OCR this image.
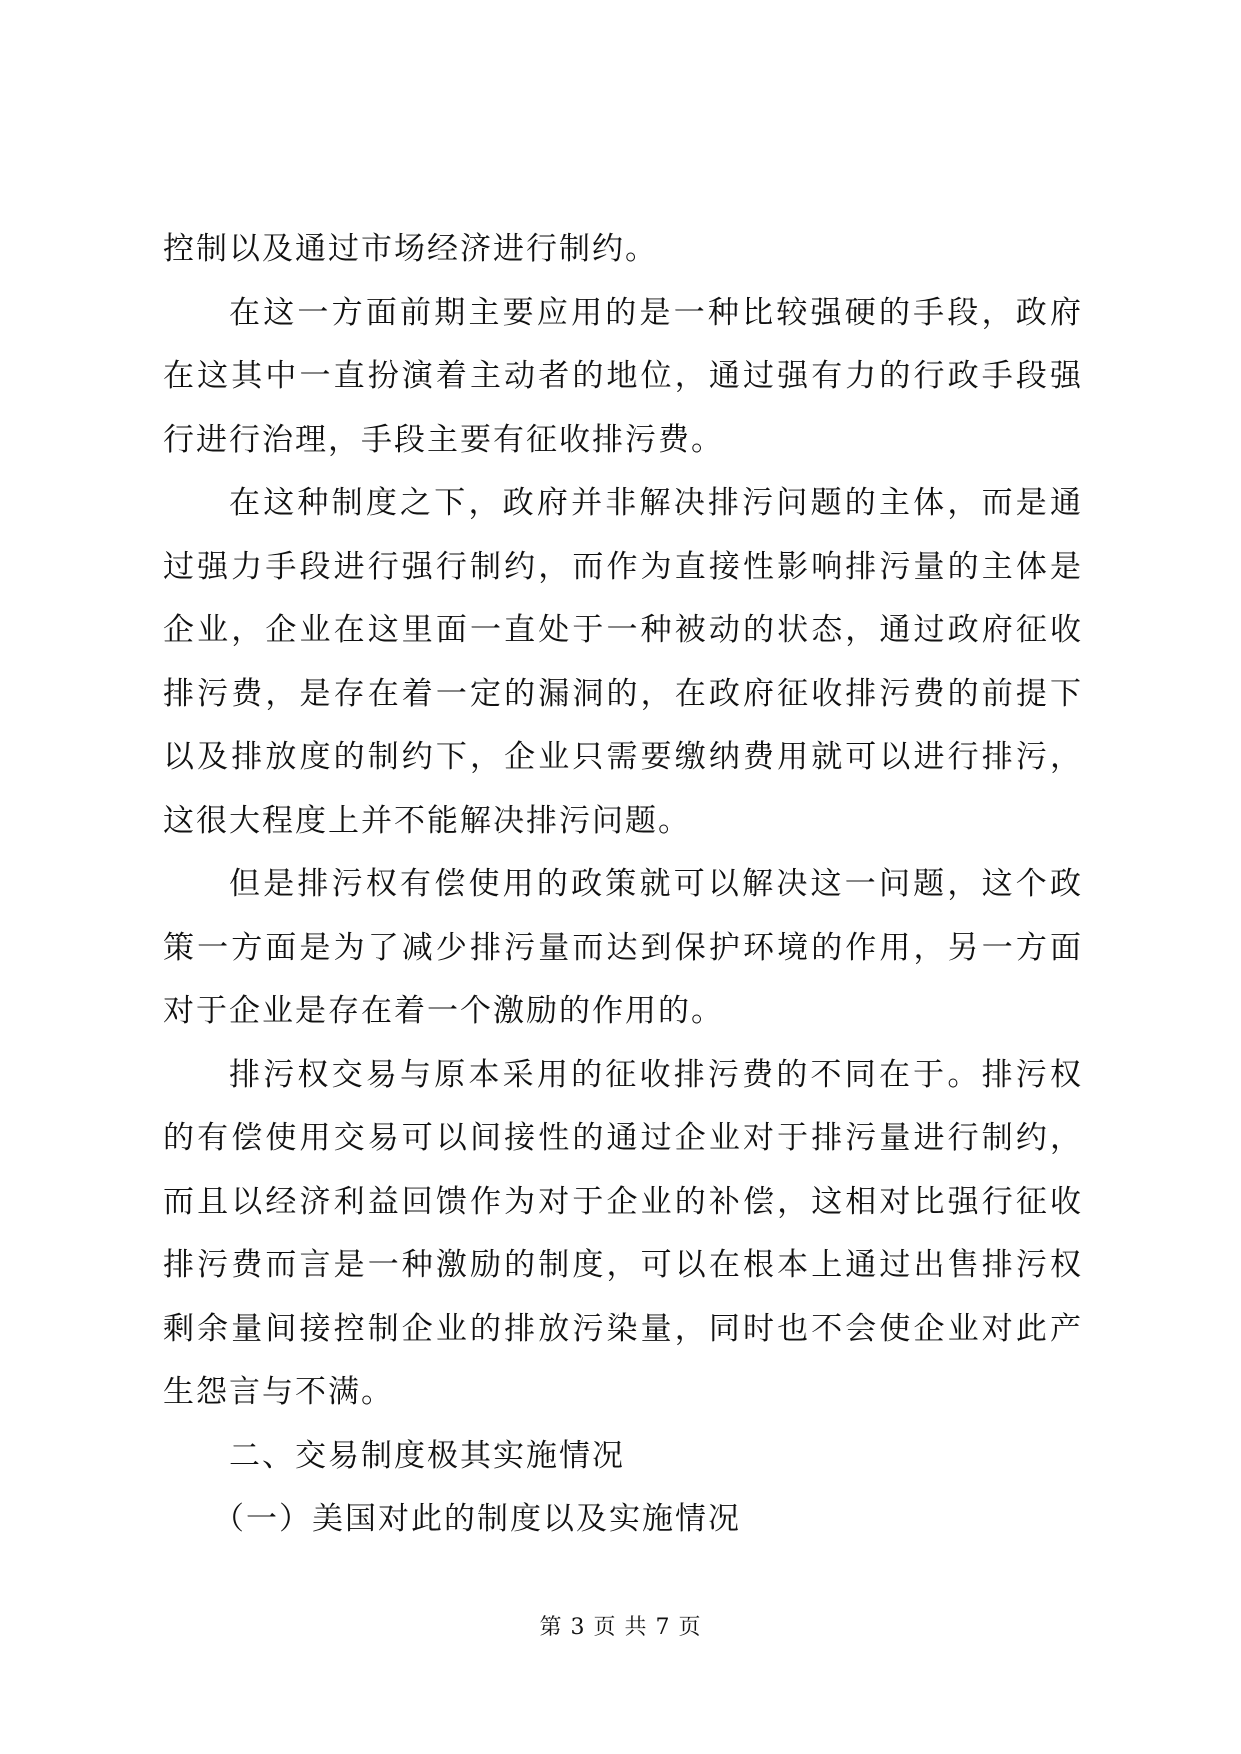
控制以及通过市场经济进行制约。

在这一方面前期主要应用的是一种比较强硬的手段，政府在这其中一直扮演着主动者的地位，通过强有力的行政手段强行进行治理，手段主要有征收排污费。

在这种制度之下，政府并非解决排污问题的主体，而是通过强力手段进行强行制约，而作为直接性影响排污量的主体是企业，企业在这里面一直处于一种被动的状态，通过政府征收排污费，是存在着一定的漏洞的，在政府征收排污费的前提下以及排放度的制约下，企业只需要缴纳费用就可以进行排污，这很大程度上并不能解决排污问题。

但是排污权有偿使用的政策就可以解决这一问题，这个政策一方面是为了减少排污量而达到保护环境的作用，另一方面对于企业是存在着一个激励的作用的。

排污权交易与原本采用的征收排污费的不同在于。排污权的有偿使用交易可以间接性的通过企业对于排污量进行制约，而且以经济利益回馈作为对于企业的补偿，这相对比强行征收排污费而言是一种激励的制度，可以在根本上通过出售排污权剩余量间接控制企业的排放污染量，同时也不会使企业对此产生怨言与不满。

二、交易制度极其实施情况

（一）美国对此的制度以及实施情况

第 3 页 共 7 页
